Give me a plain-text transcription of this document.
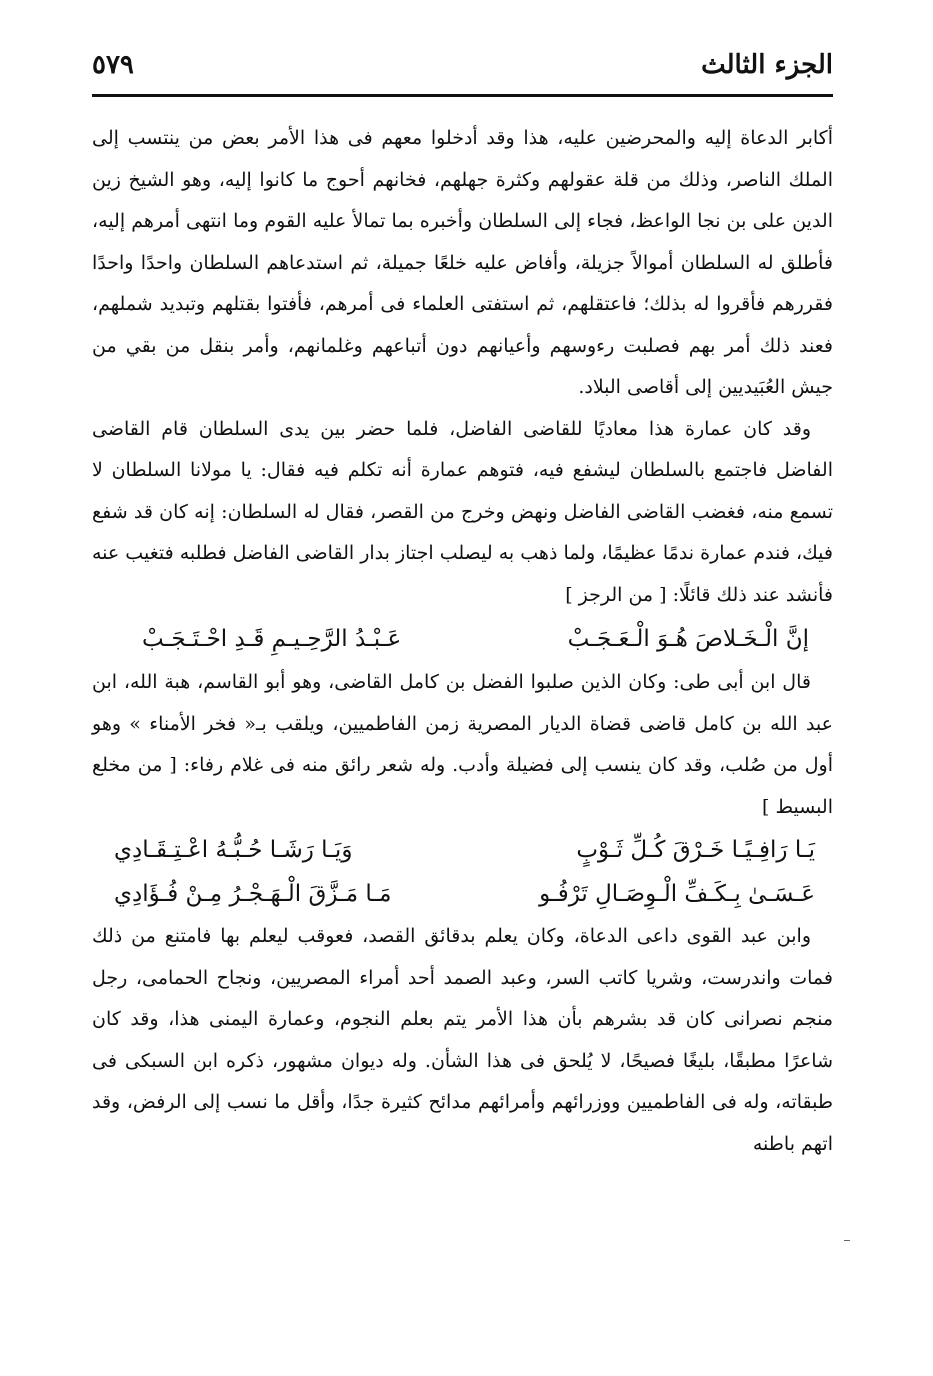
الجزء الثالث
٥٧٩

أكابر الدعاة إليه والمحرضين عليه، هذا وقد أدخلوا معهم فى هذا الأمر بعض من ينتسب إلى الملك الناصر، وذلك من قلة عقولهم وكثرة جهلهم، فخانهم أحوج ما كانوا إليه، وهو الشيخ زين الدين على بن نجا الواعظ، فجاء إلى السلطان وأخبره بما تمالأ عليه القوم وما انتهى أمرهم إليه، فأطلق له السلطان أموالاً جزيلة، وأفاض عليه خلعًا جميلة، ثم استدعاهم السلطان واحدًا واحدًا فقررهم فأقروا له بذلك؛ فاعتقلهم، ثم استفتى العلماء فى أمرهم، فأفتوا بقتلهم وتبديد شملهم، فعند ذلك أمر بهم فصلبت رءوسهم وأعيانهم دون أتباعهم وغلمانهم، وأمر بنقل من بقي من جيش العُبَيديين إلى أقاصى البلاد.

وقد كان عمارة هذا معاديًا للقاضى الفاضل، فلما حضر بين يدى السلطان قام القاضى الفاضل فاجتمع بالسلطان ليشفع فيه، فتوهم عمارة أنه تكلم فيه فقال: يا مولانا السلطان لا تسمع منه، فغضب القاضى الفاضل ونهض وخرج من القصر، فقال له السلطان: إنه كان قد شفع فيك، فندم عمارة ندمًا عظيمًا، ولما ذهب به ليصلب اجتاز بدار القاضى الفاضل فطلبه فتغيب عنه فأنشد عند ذلك قائلًا: [ من الرجز ]

إنَّ الْـخَـلاصَ هُـوَ الْـعَـجَـبْ
عَـبْـدُ الرَّحِـيـمِ قَـدِ احْـتَـجَـبْ

قال ابن أبى طى: وكان الذين صلبوا الفضل بن كامل القاضى، وهو أبو القاسم، هبة الله، ابن عبد الله بن كامل قاضى قضاة الديار المصرية زمن الفاطميين، ويلقب بـ« فخر الأمناء » وهو أول من صُلب، وقد كان ينسب إلى فضيلة وأدب. وله شعر رائق منه فى غلام رفاء: [ من مخلع البسيط ]

يَـا رَافِـيًـا خَـرْقَ كُـلِّ ثَـوْبٍ
وَيَـا رَشَـا حُـبُّـهُ اعْـتِـقَـادِي
عَـسَـىٰ بِـكَـفِّ الْـوِصَـالِ تَرْفُـو
مَـا مَـزَّقَ الْـهَـجْـرُ مِـنْ فُـؤَادِي

وابن عبد القوى داعى الدعاة، وكان يعلم بدقائق القصد، فعوقب ليعلم بها فامتنع من ذلك فمات واندرست، وشريا كاتب السر، وعبد الصمد أحد أمراء المصريين، ونجاح الحمامى، رجل منجم نصرانى كان قد بشرهم بأن هذا الأمر يتم بعلم النجوم، وعمارة اليمنى هذا، وقد كان شاعرًا مطبقًا، بليغًا فصيحًا، لا يُلحق فى هذا الشأن. وله ديوان مشهور، ذكره ابن السبكى فى طبقاته، وله فى الفاطميين ووزرائهم وأمرائهم مدائح كثيرة جدًا، وأقل ما نسب إلى الرفض، وقد اتهم باطنه
